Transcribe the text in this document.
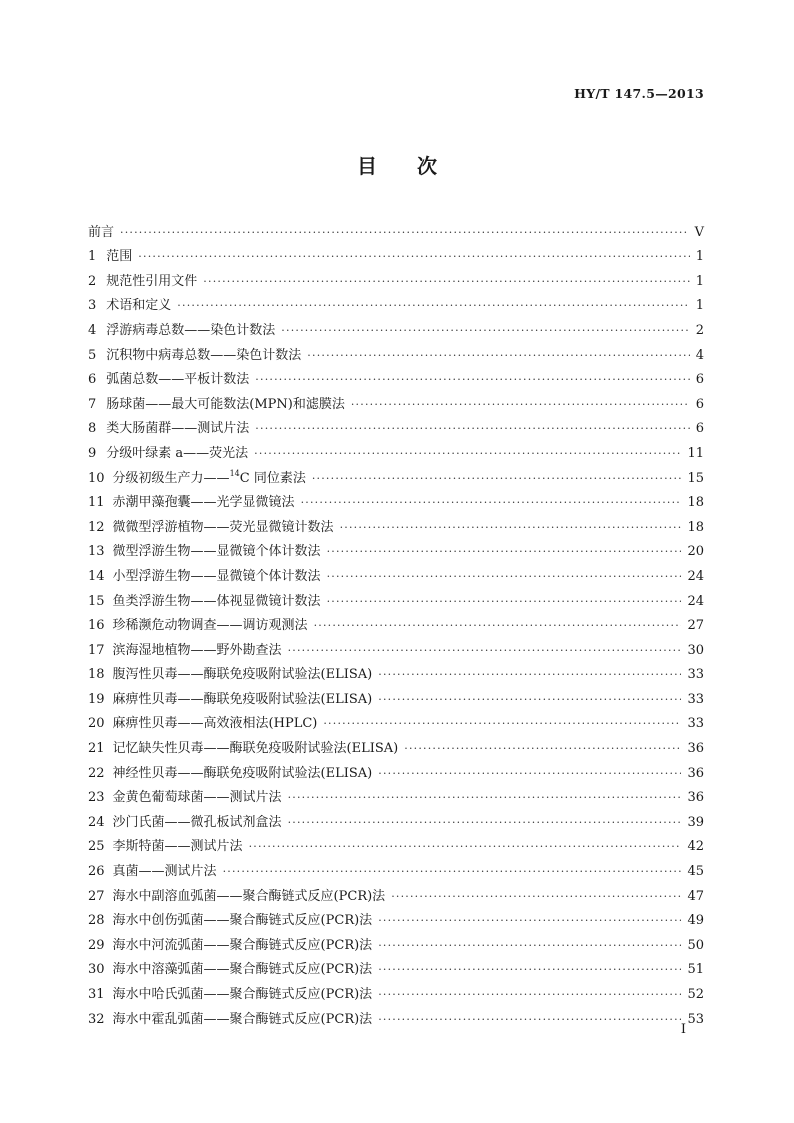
HY/T 147.5—2013
目 次
前言 ·····	V
1 范围 ·····	1
2 规范性引用文件 ·····	1
3 术语和定义 ·····	1
4 浮游病毒总数——染色计数法 ·····	2
5 沉积物中病毒总数——染色计数法 ·····	4
6 弧菌总数——平板计数法 ·····	6
7 肠球菌——最大可能数法(MPN)和滤膜法 ·····	6
8 类大肠菌群——测试片法 ·····	6
9 分级叶绿素 a——荧光法 ·····	11
10 分级初级生产力——$^{14}$C 同位素法 ·····	15
11 赤潮甲藻孢囊——光学显微镜法 ·····	18
12 微微型浮游植物——荧光显微镜计数法 ·····	18
13 微型浮游生物——显微镜个体计数法 ·····	20
14 小型浮游生物——显微镜个体计数法 ·····	24
15 鱼类浮游生物——体视显微镜计数法 ·····	24
16 珍稀濒危动物调查——调访观测法 ·····	27
17 滨海湿地植物——野外勘查法 ·····	30
18 腹泻性贝毒——酶联免疫吸附试验法(ELISA) ·····	33
19 麻痹性贝毒——酶联免疫吸附试验法(ELISA) ·····	33
20 麻痹性贝毒——高效液相法(HPLC) ·····	33
21 记忆缺失性贝毒——酶联免疫吸附试验法(ELISA) ·····	36
22 神经性贝毒——酶联免疫吸附试验法(ELISA) ·····	36
23 金黄色葡萄球菌——测试片法 ·····	36
24 沙门氏菌——微孔板试剂盒法 ·····	39
25 李斯特菌——测试片法 ·····	42
26 真菌——测试片法 ·····	45
27 海水中副溶血弧菌——聚合酶链式反应(PCR)法 ·····	47
28 海水中创伤弧菌——聚合酶链式反应(PCR)法 ·····	49
29 海水中河流弧菌——聚合酶链式反应(PCR)法 ·····	50
30 海水中溶藻弧菌——聚合酶链式反应(PCR)法 ·····	51
31 海水中哈氏弧菌——聚合酶链式反应(PCR)法 ·····	52
32 海水中霍乱弧菌——聚合酶链式反应(PCR)法 ·····	53
I
